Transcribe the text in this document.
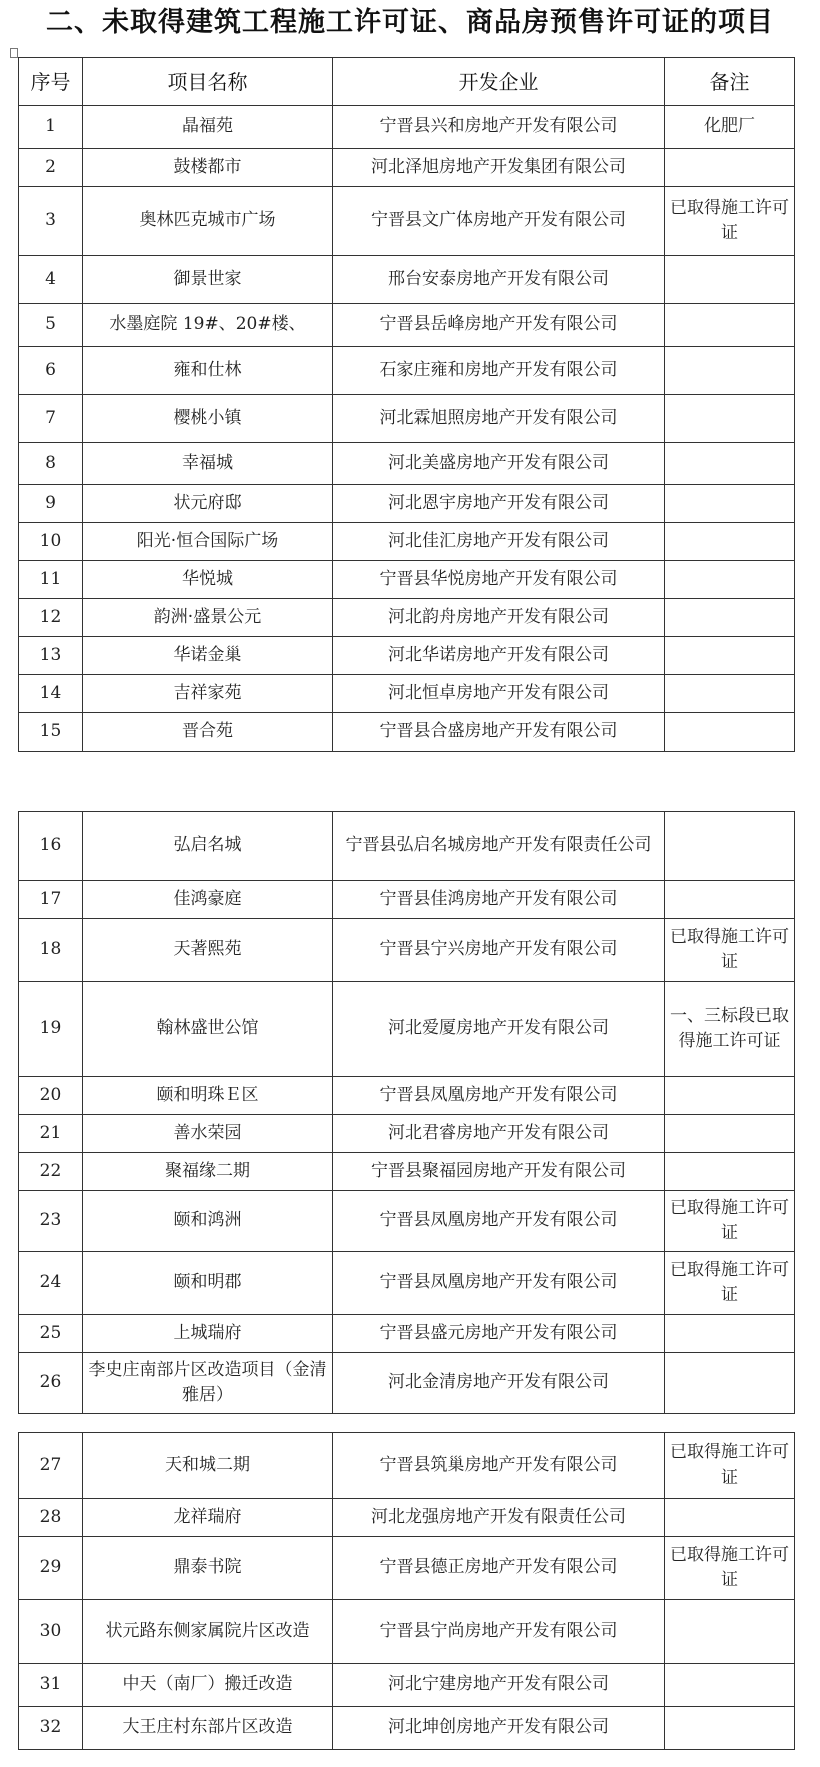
二、未取得建筑工程施工许可证、商品房预售许可证的项目
序号	项目名称	开发企业	备注
1	晶福苑	宁晋县兴和房地产开发有限公司	化肥厂
2	鼓楼都市	河北泽旭房地产开发集团有限公司	
3	奥林匹克城市广场	宁晋县文广体房地产开发有限公司	已取得施工许可证
4	御景世家	邢台安泰房地产开发有限公司	
5	水墨庭院 19#、20#楼、	宁晋县岳峰房地产开发有限公司	
6	雍和仕林	石家庄雍和房地产开发有限公司	
7	樱桃小镇	河北霖旭照房地产开发有限公司	
8	幸福城	河北美盛房地产开发有限公司	
9	状元府邸	河北恩宇房地产开发有限公司	
10	阳光·恒合国际广场	河北佳汇房地产开发有限公司	
11	华悦城	宁晋县华悦房地产开发有限公司	
12	韵洲·盛景公元	河北韵舟房地产开发有限公司	
13	华诺金巢	河北华诺房地产开发有限公司	
14	吉祥家苑	河北恒卓房地产开发有限公司	
15	晋合苑	宁晋县合盛房地产开发有限公司	
16	弘启名城	宁晋县弘启名城房地产开发有限责任公司	
17	佳鸿豪庭	宁晋县佳鸿房地产开发有限公司	
18	天著熙苑	宁晋县宁兴房地产开发有限公司	已取得施工许可证
19	翰林盛世公馆	河北爱厦房地产开发有限公司	一、三标段已取得施工许可证
20	颐和明珠Ｅ区	宁晋县凤凰房地产开发有限公司	
21	善水荣园	河北君睿房地产开发有限公司	
22	聚福缘二期	宁晋县聚福园房地产开发有限公司	
23	颐和鸿洲	宁晋县凤凰房地产开发有限公司	已取得施工许可证
24	颐和明郡	宁晋县凤凰房地产开发有限公司	已取得施工许可证
25	上城瑞府	宁晋县盛元房地产开发有限公司	
26	李史庄南部片区改造项目（金清雅居）	河北金清房地产开发有限公司	
27	天和城二期	宁晋县筑巢房地产开发有限公司	已取得施工许可证
28	龙祥瑞府	河北龙强房地产开发有限责任公司	
29	鼎泰书院	宁晋县德正房地产开发有限公司	已取得施工许可证
30	状元路东侧家属院片区改造	宁晋县宁尚房地产开发有限公司	
31	中天（南厂）搬迁改造	河北宁建房地产开发有限公司	
32	大王庄村东部片区改造	河北坤创房地产开发有限公司	
